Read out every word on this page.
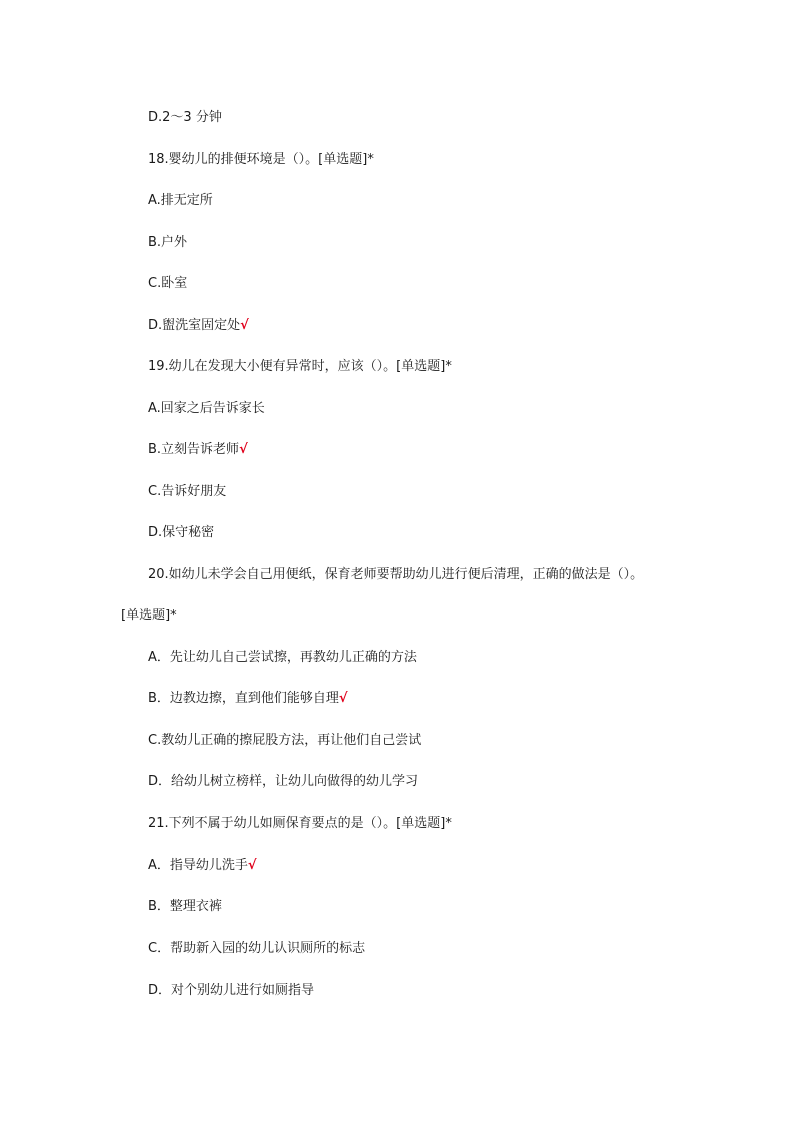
D.2～3 分钟
18.婴幼儿的排便环境是（）。[单选题]*
A.排无定所
B.户外
C.卧室
D.盥洗室固定处√
19.幼儿在发现大小便有异常时，应该（）。[单选题]*
A.回家之后告诉家长
B.立刻告诉老师√
C.告诉好朋友
D.保守秘密
20.如幼儿未学会自己用便纸，保育老师要帮助幼儿进行便后清理，正确的做法是（）。
[单选题]*
A．先让幼儿自己尝试擦，再教幼儿正确的方法
B．边教边擦，直到他们能够自理√
C.教幼儿正确的擦屁股方法，再让他们自己尝试
D．给幼儿树立榜样，让幼儿向做得的幼儿学习
21.下列不属于幼儿如厕保育要点的是（）。[单选题]*
A．指导幼儿洗手√
B．整理衣裤
C．帮助新入园的幼儿认识厕所的标志
D．对个别幼儿进行如厕指导
